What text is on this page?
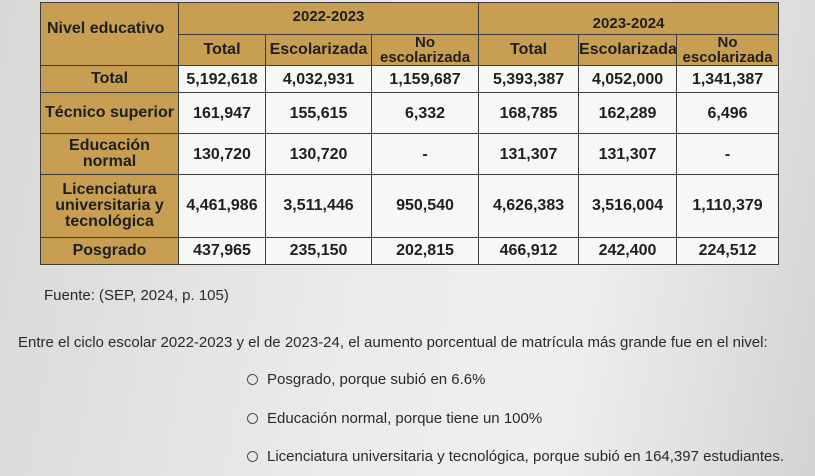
Nivel educativo	2022-2023			2023-2024		
	Total	Escolarizada	No escolarizada	Total	Escolarizada	No escolarizada
Total	5,192,618	4,032,931	1,159,687	5,393,387	4,052,000	1,341,387
Técnico superior	161,947	155,615	6,332	168,785	162,289	6,496
Educación normal	130,720	130,720	-	131,307	131,307	-
Licenciatura universitaria y tecnológica	4,461,986	3,511,446	950,540	4,626,383	3,516,004	1,110,379
Posgrado	437,965	235,150	202,815	466,912	242,400	224,512
Fuente: (SEP, 2024, p. 105)
Entre el ciclo escolar 2022-2023 y el de 2023-24, el aumento porcentual de matrícula más grande fue en el nivel:
Posgrado, porque subió en 6.6%
Educación normal, porque tiene un 100%
Licenciatura universitaria y tecnológica, porque subió en 164,397 estudiantes.
